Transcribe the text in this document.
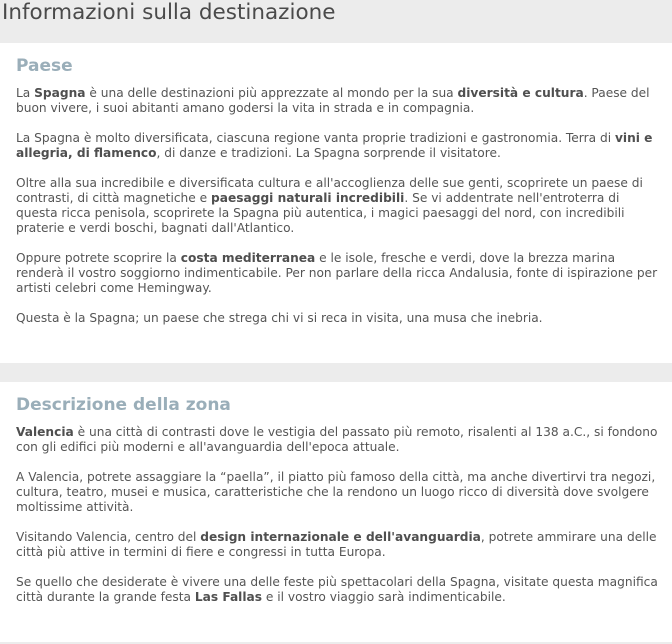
Informazioni sulla destinazione
Paese

La Spagna è una delle destinazioni più apprezzate al mondo per la sua diversità e cultura. Paese del buon vivere, i suoi abitanti amano godersi la vita in strada e in compagnia.

La Spagna è molto diversificata, ciascuna regione vanta proprie tradizioni e gastronomia. Terra di vini e allegria, di flamenco, di danze e tradizioni. La Spagna sorprende il visitatore.

Oltre alla sua incredibile e diversificata cultura e all'accoglienza delle sue genti, scoprirete un paese di contrasti, di città magnetiche e paesaggi naturali incredibili. Se vi addentrate nell'entroterra di questa ricca penisola, scoprirete la Spagna più autentica, i magici paesaggi del nord, con incredibili praterie e verdi boschi, bagnati dall'Atlantico.

Oppure potrete scoprire la costa mediterranea e le isole, fresche e verdi, dove la brezza marina renderà il vostro soggiorno indimenticabile. Per non parlare della ricca Andalusia, fonte di ispirazione per artisti celebri come Hemingway.

Questa è la Spagna; un paese che strega chi vi si reca in visita, una musa che inebria.

Descrizione della zona

Valencia è una città di contrasti dove le vestigia del passato più remoto, risalenti al 138 a.C., si fondono con gli edifici più moderni e all'avanguardia dell'epoca attuale.

A Valencia, potrete assaggiare la “paella”, il piatto più famoso della città, ma anche divertirvi tra negozi, cultura, teatro, musei e musica, caratteristiche che la rendono un luogo ricco di diversità dove svolgere moltissime attività.

Visitando Valencia, centro del design internazionale e dell'avanguardia, potrete ammirare una delle città più attive in termini di fiere e congressi in tutta Europa.

Se quello che desiderate è vivere una delle feste più spettacolari della Spagna, visitate questa magnifica città durante la grande festa Las Fallas e il vostro viaggio sarà indimenticabile.
